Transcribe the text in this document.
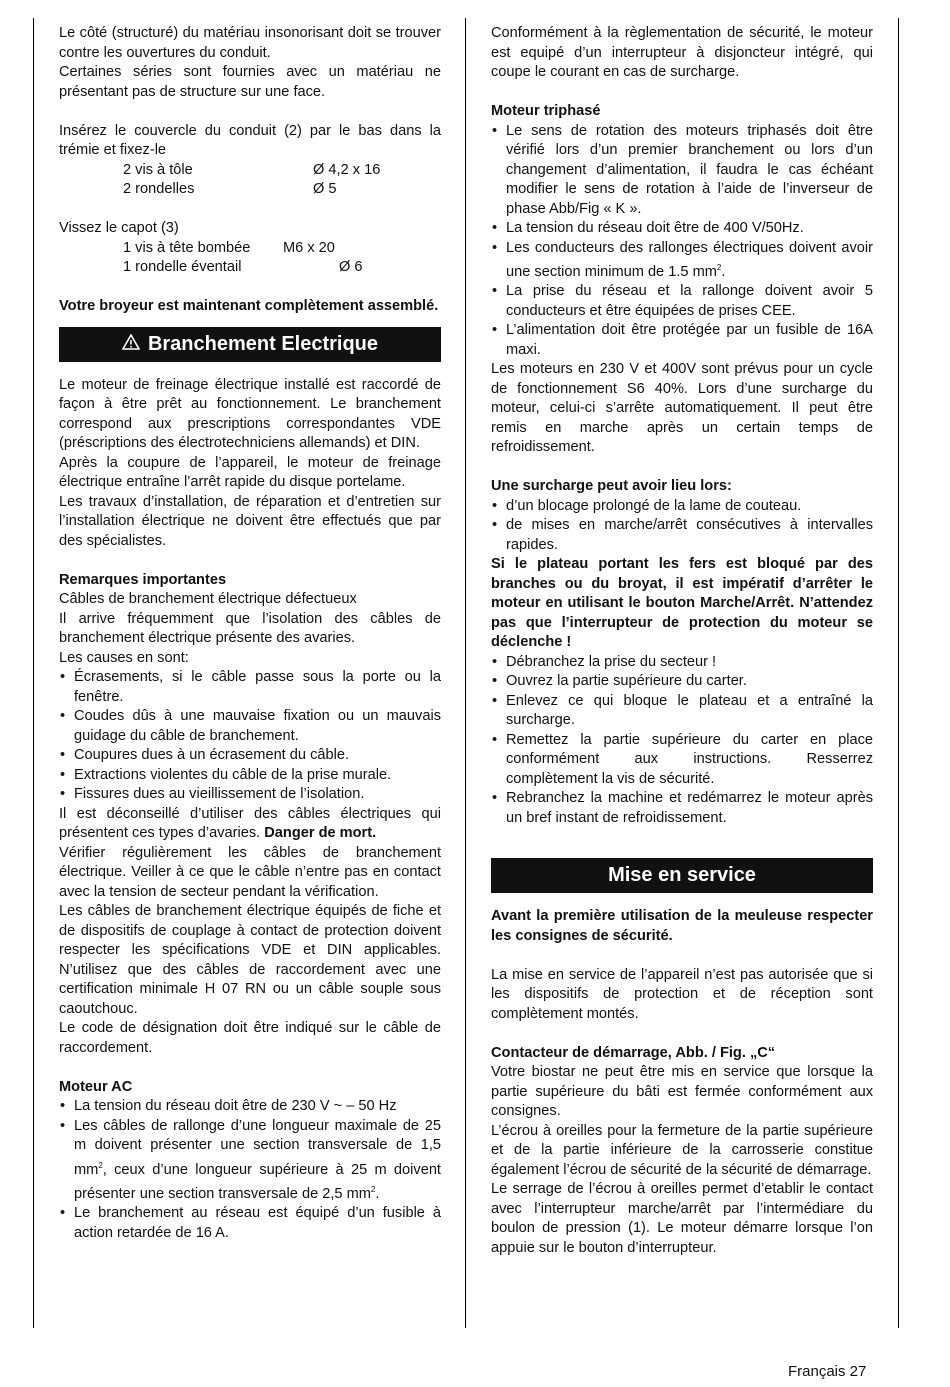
Le côté (structuré) du matériau insonorisant doit se trouver contre les ouvertures du conduit.

Certaines séries sont fournies avec un matériau ne présentant pas de structure sur une face.

Insérez le couvercle du conduit (2) par le bas dans la trémie et fixez-le

2 vis à tôle	Ø 4,2 x 16
2 rondelles	Ø 5

Vissez le capot (3)

1 vis à tête bombée	M6 x 20
1 rondelle éventail	Ø 6

Votre broyeur est maintenant complètement assemblé.

Branchement Electrique

Le moteur de freinage électrique installé est raccordé de façon à être prêt au fonctionnement. Le branchement correspond aux prescriptions correspondantes VDE (préscriptions des électrotechniciens allemands) et DIN.

Après la coupure de l’appareil, le moteur de freinage électrique entraîne l’arrêt rapide du disque portelame.

Les travaux d’installation, de réparation et d’entretien sur l’installation électrique ne doivent être effectués que par des spécialistes.

Remarques importantes

Câbles de branchement électrique défectueux

Il arrive fréquemment que l’isolation des câbles de branchement électrique présente des avaries.

Les causes en sont:

• Écrasements, si le câble passe sous la porte ou la fenêtre.
• Coudes dûs à une mauvaise fixation ou un mauvais guidage du câble de branchement.
• Coupures dues à un écrasement du câble.
• Extractions violentes du câble de la prise murale.
• Fissures dues au vieillissement de l’isolation.

Il est déconseillé d’utiliser des câbles électriques qui présentent ces types d’avaries. Danger de mort.

Vérifier régulièrement les câbles de branchement électrique. Veiller à ce que le câble n’entre pas en contact avec la tension de secteur pendant la vérification.

Les câbles de branchement électrique équipés de fiche et de dispositifs de couplage à contact de protection doivent respecter les spécifications VDE et DIN applicables. N’utilisez que des câbles de raccordement avec une certification minimale H 07 RN ou un câble souple sous caoutchouc.

Le code de désignation doit être indiqué sur le câble de raccordement.

Moteur AC

• La tension du réseau doit être de 230 V ~ – 50 Hz
• Les câbles de rallonge d’une longueur maximale de 25 m doivent présenter une section transversale de 1,5 $mm^2$, ceux d’une longueur supérieure à 25 m doivent présenter une section transversale de 2,5 $mm^2$.
• Le branchement au réseau est équipé d’un fusible à action retardée de 16 A.

Conformément à la règlementation de sécurité, le moteur est equipé d’un interrupteur à disjoncteur intégré, qui coupe le courant en cas de surcharge.

Moteur triphasé

• Le sens de rotation des moteurs triphasés doit être vérifié lors d’un premier branchement ou lors d’un changement d’alimentation, il faudra le cas échéant modifier le sens de rotation à l’aide de l’inverseur de phase Abb/Fig « K ».
• La tension du réseau doit être de 400 V/50Hz.
• Les conducteurs des rallonges électriques doivent avoir une section minimum de 1.5 $mm^2$.
• La prise du réseau et la rallonge doivent avoir 5 conducteurs et être équipées de prises CEE.
• L’alimentation doit être protégée par un fusible de 16A maxi.

Les moteurs en 230 V et 400V sont prévus pour un cycle de fonctionnement S6 40%. Lors d’une surcharge du moteur, celui-ci s’arrête automatiquement. Il peut être remis en marche après un certain temps de refroidissement.

Une surcharge peut avoir lieu lors:

• d’un blocage prolongé de la lame de couteau.
• de mises en marche/arrêt consécutives à intervalles rapides.

Si le plateau portant les fers est bloqué par des branches ou du broyat, il est impératif d’arrêter le moteur en utilisant le bouton Marche/Arrêt. N’attendez pas que l’interrupteur de protection du moteur se déclenche !

• Débranchez la prise du secteur !
• Ouvrez la partie supérieure du carter.
• Enlevez ce qui bloque le plateau et a entraîné la surcharge.
• Remettez la partie supérieure du carter en place conformément aux instructions. Resserrez complètement la vis de sécurité.
• Rebranchez la machine et redémarrez le moteur après un bref instant de refroidissement.
Mise en service

Avant la première utilisation de la meuleuse respecter les consignes de sécurité.

La mise en service de l’appareil n’est pas autorisée que si les dispositifs de protection et de réception sont complètement montés.

Contacteur de démarrage, Abb. / Fig. „C“

Votre biostar ne peut être mis en service que lorsque la partie supérieure du bâti est fermée conformément aux consignes.

L’écrou à oreilles pour la fermeture de la partie supérieure et de la partie inférieure de la carrosserie constitue également l’écrou de sécurité de la sécurité de démarrage.

Le serrage de l’écrou à oreilles permet d’etablir le contact avec l’interrupteur marche/arrêt par l’intermédiare du boulon de pression (1). Le moteur démarre lorsque l’on appuie sur le bouton d’interrupteur.

Français 27
